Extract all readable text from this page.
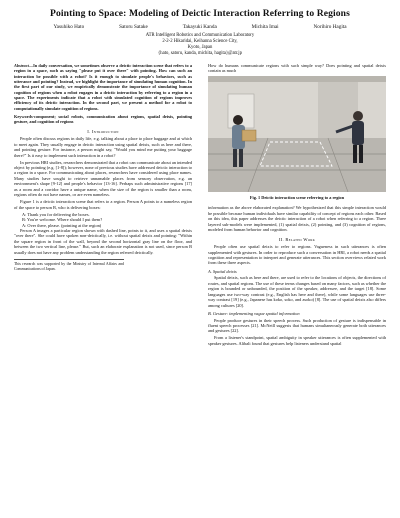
Pointing to Space: Modeling of Deictic Interaction Referring to Regions
Yasuhiko Hato	Satoru Satake	Takayuki Kanda	Michita Imai	Norihiro Hagita

ATR Intelligent Robotics and Communication Laboratory

2-2-2 Hikaridai, Keihanna Science City,

Kyoto, Japan

{hato, satoru, kanda, michita, hagita}@atr.jp

Abstract—In daily conversation, we sometimes observe a deictic interaction scene that refers to a region in a space, such as saying "please put it over there" with pointing. How can such an interaction be possible with a robot? Is it enough to simulate people's behaviors, such as utterance and pointing? Instead, we highlight the importance of simulating human cognition. In the first part of our study, we empirically demonstrate the importance of simulating human cognition of regions when a robot engages in a deictic interaction by referring to a region in a space. The experiments indicate that a robot with simulated cognition of regions improves efficiency of its deictic interaction. In the second part, we present a method for a robot to computationally simulate cognition of regions.

Keywords-component; social robots, communication about regions, spatial deixis, pointing gesture, and cognition of regions

I. Introduction

People often discuss regions in daily life, e.g. talking about a place to place baggage and at which to meet again. They usually engage in deictic interaction using spatial deixis, such as here and there, and pointing gesture. For instance, a person might say, "Would you mind me putting your baggage there?" Is it easy to implement such interaction in a robot?

In previous HRI studies, researchers demonstrated that a robot can communicate about an intended object by pointing (e.g. [1-8]); however, none of previous studies have addressed deictic interaction to a region in a space. For communicating about places, researchers have considered using place names. Many studies have sought to retrieve unnamable places from sensory observation, e.g. an environment's shape [9-12] and people's behavior [13-16]. Perhaps such administrative regions [17] as a room and a corridor have a unique name, when the size of the region is smaller than a room, regions often do not have names, or are even nameless.

Figure 1 is a deictic interaction scene that refers to a region. Person A points to a nameless region of the space to person B, who is delivering boxes:

A: Thank you for delivering the boxes.
B: You're welcome. Where should I put them?
A: Over there, please. (pointing at the region)

Person A images a particular region shown with dashed line, points to it, and uses a spatial deixis "over there". She could have spoken non-deictically, i.e. without spatial deixis and pointing: "Within the square region in front of the wall, beyond the second horizontal gray line on the floor, and between the two vertical line, please." But, such an elaborate explanation is not used, since person B usually does not have any problem understanding the region referred deictically.

This research was supported by the Ministry of Internal Affairs and Communications of Japan.

How do humans communicate regions with such simple way? Does pointing and spatial deixis contain as much

Fig. 1 Deictic interaction scene referring to a region

information as the above elaborated explanation? We hypothesized that this simple interaction would be possible because human individuals have similar capability of concept of regions each other. Based on this idea, this paper addresses the deictic interaction of a robot when referring to a region. Three layered sub-models were implemented, (1) spatial deixis, (2) pointing, and (3) cognition of regions, modeled from human behavior and cognition.

II. Related Work

People often use spatial deixis to refer to regions. Vagueness in such utterances is often supplemented with gestures. In order to reproduce such a conversation in HRI, a robot needs a spatial cognition and representation to interpret and generate utterances. This section overviews related work from these three aspects.

A. Spatial deixis

Spatial deixis, such as here and there, are used to refer to the locations of objects, the directions of routes, and spatial regions. The use of these terms changes based on many factors, such as whether the region is bounded or unbounded, the position of the speaker, addressee, and the target [18]. Some languages use two-way contrast (e.g., English has here and there), while some languages use three-way contrast [19] (e.g., Japanese has koko, soko, and asoko) [8]. The use of spatial deixis also differs among cultures [20].

B. Gesture: implementing vague spatial information

People produce gestures in their speech process. Such production of gesture is indispensable in fluent speech processes [21]. McNeill suggests that humans simultaneously generate both utterances and gestures [22].

From a listener's standpoint, spatial ambiguity in speaker utterances is often supplemented with speaker gestures. Alibali found that gestures help listeners understand spatial
